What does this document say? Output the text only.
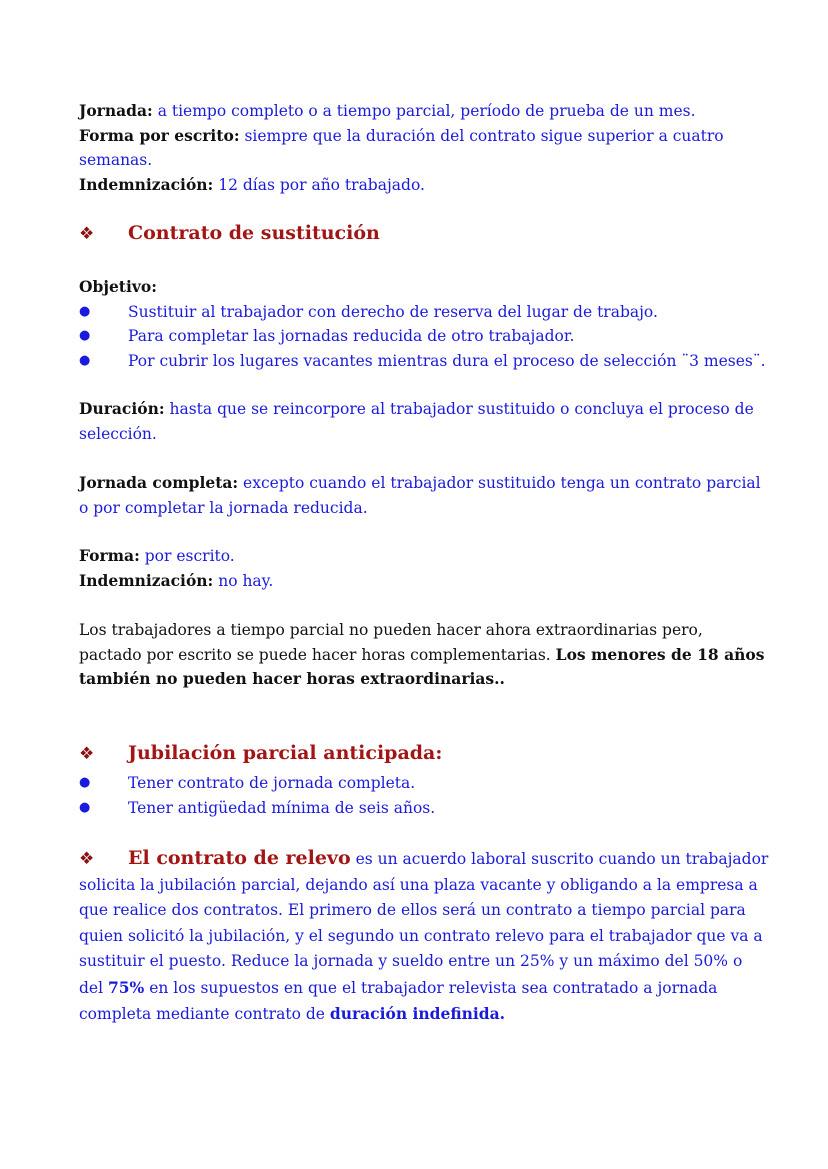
Jornada: a tiempo completo o a tiempo parcial, período de prueba de un mes.
Forma por escrito: siempre que la duración del contrato sigue superior a cuatro semanas.
Indemnización: 12 días por año trabajado.
❖ Contrato de sustitución
Objetivo:
● Sustituir al trabajador con derecho de reserva del lugar de trabajo.
● Para completar las jornadas reducida de otro trabajador.
● Por cubrir los lugares vacantes mientras dura el proceso de selección ¨3 meses¨.
Duración: hasta que se reincorpore al trabajador sustituido o concluya el proceso de selección.
Jornada completa: excepto cuando el trabajador sustituido tenga un contrato parcial o por completar la jornada reducida.
Forma: por escrito.
Indemnización: no hay.
Los trabajadores a tiempo parcial no pueden hacer ahora extraordinarias pero, pactado por escrito se puede hacer horas complementarias. Los menores de 18 años también no pueden hacer horas extraordinarias..
❖ Jubilación parcial anticipada:
● Tener contrato de jornada completa.
● Tener antigüedad mínima de seis años.
❖ El contrato de relevo es un acuerdo laboral suscrito cuando un trabajador solicita la jubilación parcial, dejando así una plaza vacante y obligando a la empresa a que realice dos contratos. El primero de ellos será un contrato a tiempo parcial para quien solicitó la jubilación, y el segundo un contrato relevo para el trabajador que va a sustituir el puesto. Reduce la jornada y sueldo entre un 25% y un máximo del 50% o del 75% en los supuestos en que el trabajador relevista sea contratado a jornada completa mediante contrato de duración indefinida.
